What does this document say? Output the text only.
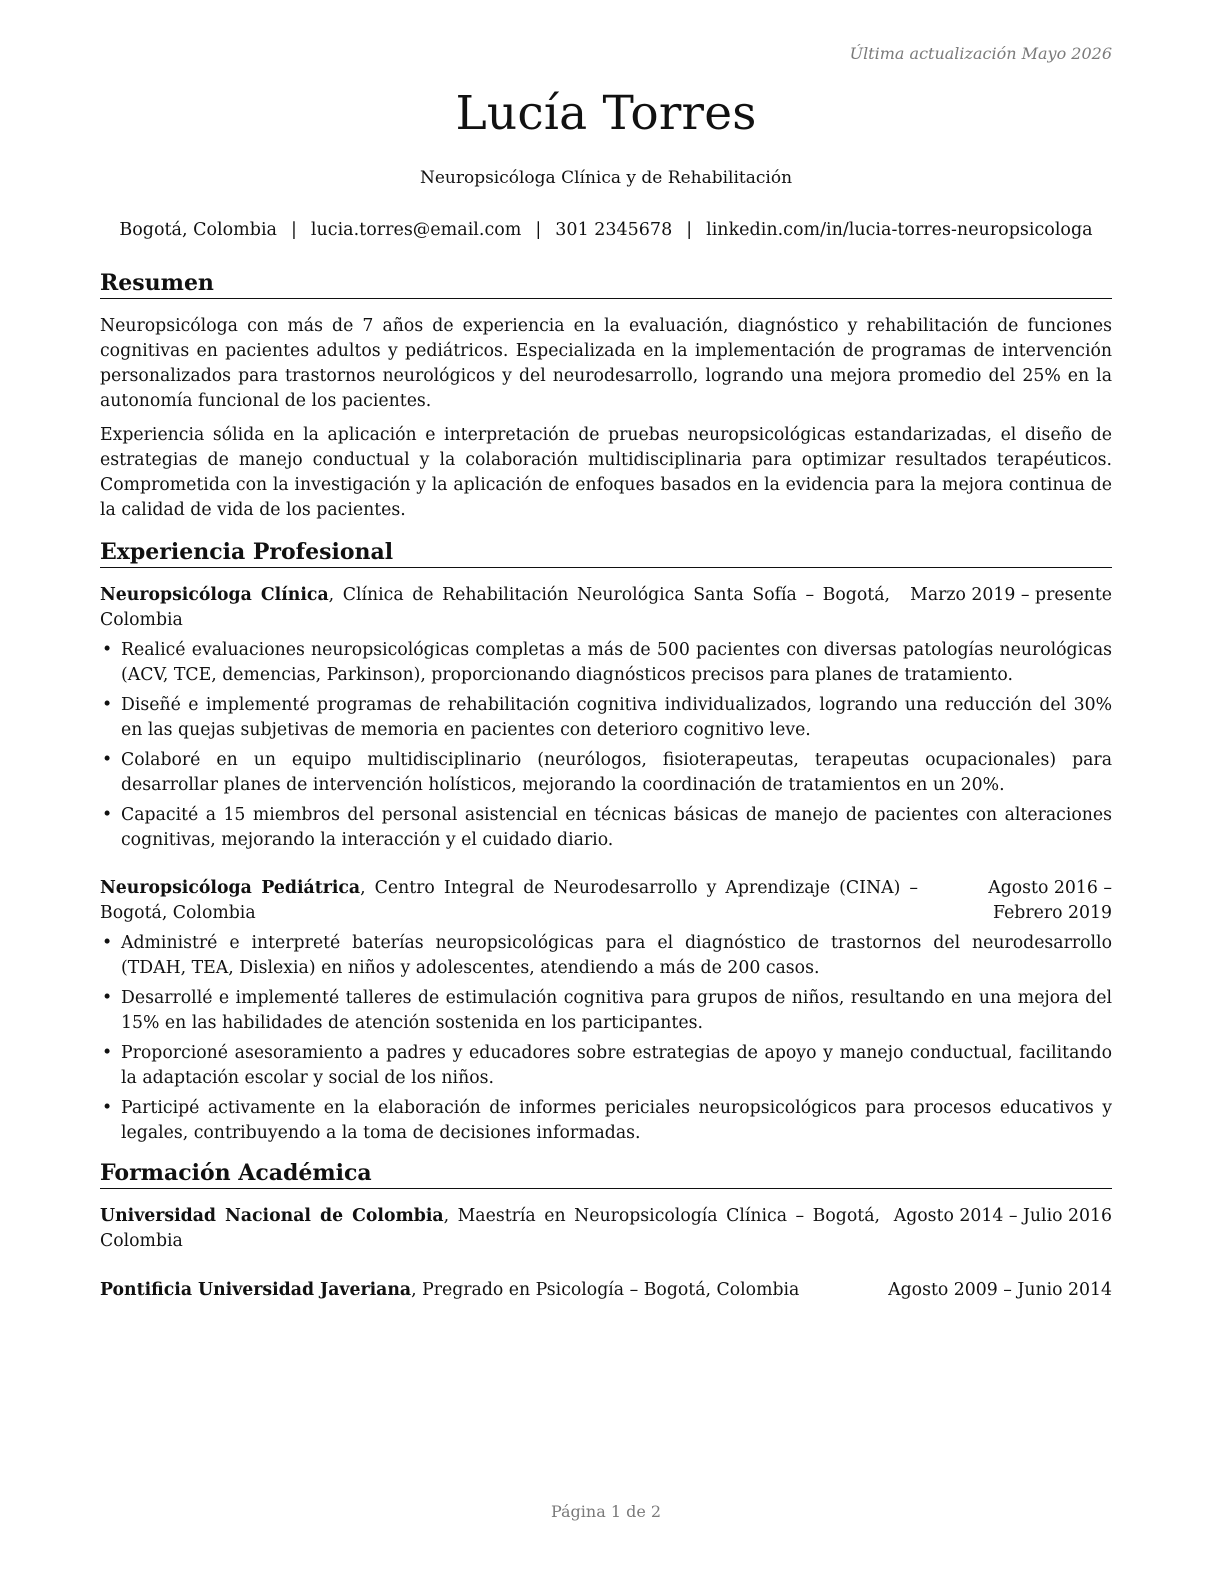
Última actualización Mayo 2026
Lucía Torres
Neuropsicóloga Clínica y de Rehabilitación
Bogotá, Colombia | lucia.torres@email.com | 301 2345678 | linkedin.com/in/lucia-torres-neuropsicologa
Resumen

Neuropsicóloga con más de 7 años de experiencia en la evaluación, diagnóstico y rehabilitación de funciones cognitivas en pacientes adultos y pediátricos. Especializada en la implementación de programas de intervención personalizados para trastornos neurológicos y del neurodesarrollo, logrando una mejora promedio del 25% en la autonomía funcional de los pacientes.

Experiencia sólida en la aplicación e interpretación de pruebas neuropsicológicas estandarizadas, el diseño de estrategias de manejo conductual y la colaboración multidisciplinaria para optimizar resultados terapéuticos. Comprometida con la investigación y la aplicación de enfoques basados en la evidencia para la mejora continua de la calidad de vida de los pacientes.

Experiencia Profesional
Neuropsicóloga Clínica, Clínica de Rehabilitación Neurológica Santa Sofía – Bogotá, Colombia
Marzo 2019 – presente
• Realicé evaluaciones neuropsicológicas completas a más de 500 pacientes con diversas patologías neurológicas (ACV, TCE, demencias, Parkinson), proporcionando diagnósticos precisos para planes de tratamiento.
• Diseñé e implementé programas de rehabilitación cognitiva individualizados, logrando una reducción del 30% en las quejas subjetivas de memoria en pacientes con deterioro cognitivo leve.
• Colaboré en un equipo multidisciplinario (neurólogos, fisioterapeutas, terapeutas ocupacionales) para desarrollar planes de intervención holísticos, mejorando la coordinación de tratamientos en un 20%.
• Capacité a 15 miembros del personal asistencial en técnicas básicas de manejo de pacientes con alteraciones cognitivas, mejorando la interacción y el cuidado diario.
Neuropsicóloga Pediátrica, Centro Integral de Neurodesarrollo y Aprendizaje (CINA) – Bogotá, Colombia
Agosto 2016 – Febrero 2019
• Administré e interpreté baterías neuropsicológicas para el diagnóstico de trastornos del neurodesarrollo (TDAH, TEA, Dislexia) en niños y adolescentes, atendiendo a más de 200 casos.
• Desarrollé e implementé talleres de estimulación cognitiva para grupos de niños, resultando en una mejora del 15% en las habilidades de atención sostenida en los participantes.
• Proporcioné asesoramiento a padres y educadores sobre estrategias de apoyo y manejo conductual, facilitando la adaptación escolar y social de los niños.
• Participé activamente en la elaboración de informes periciales neuropsicológicos para procesos educativos y legales, contribuyendo a la toma de decisiones informadas.
Formación Académica
Universidad Nacional de Colombia, Maestría en Neuropsicología Clínica – Bogotá, Colombia
Agosto 2014 – Julio 2016
Pontificia Universidad Javeriana, Pregrado en Psicología – Bogotá, Colombia	Agosto 2009 – Junio 2014
Página 1 de 2
